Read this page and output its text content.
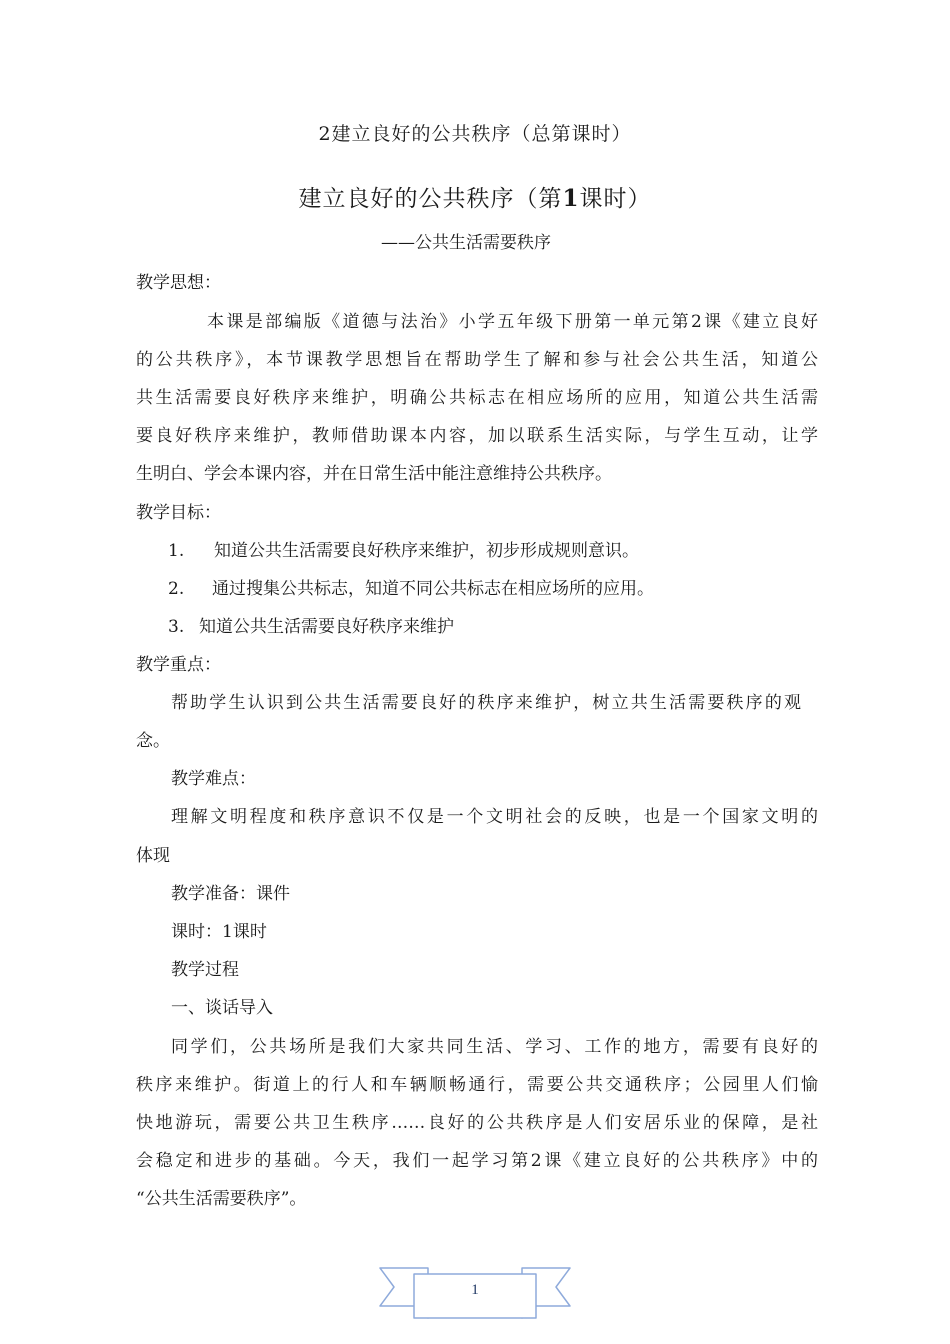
2建立良好的公共秩序（总第课时）
建立良好的公共秩序（第1课时）
——公共生活需要秩序
教学思想：
本课是部编版《道德与法治》小学五年级下册第一单元第2课《建立良好
的公共秩序》，本节课教学思想旨在帮助学生了解和参与社会公共生活，知道公
共生活需要良好秩序来维护，明确公共标志在相应场所的应用，知道公共生活需
要良好秩序来维护，教师借助课本内容，加以联系生活实际，与学生互动，让学
生明白、学会本课内容，并在日常生活中能注意维持公共秩序。
教学目标：
1. 知道公共生活需要良好秩序来维护，初步形成规则意识。
2. 通过搜集公共标志，知道不同公共标志在相应场所的应用。
3. 知道公共生活需要良好秩序来维护
教学重点：
帮助学生认识到公共生活需要良好的秩序来维护，树立共生活需要秩序的观
念。
教学难点：
理解文明程度和秩序意识不仅是一个文明社会的反映，也是一个国家文明的
体现
教学准备：课件
课时：1课时
教学过程
一、谈话导入
同学们，公共场所是我们大家共同生活、学习、工作的地方，需要有良好的
秩序来维护。街道上的行人和车辆顺畅通行，需要公共交通秩序；公园里人们愉
快地游玩，需要公共卫生秩序……良好的公共秩序是人们安居乐业的保障，是社
会稳定和进步的基础。今天，我们一起学习第2课《建立良好的公共秩序》中的
“公共生活需要秩序”。
1
